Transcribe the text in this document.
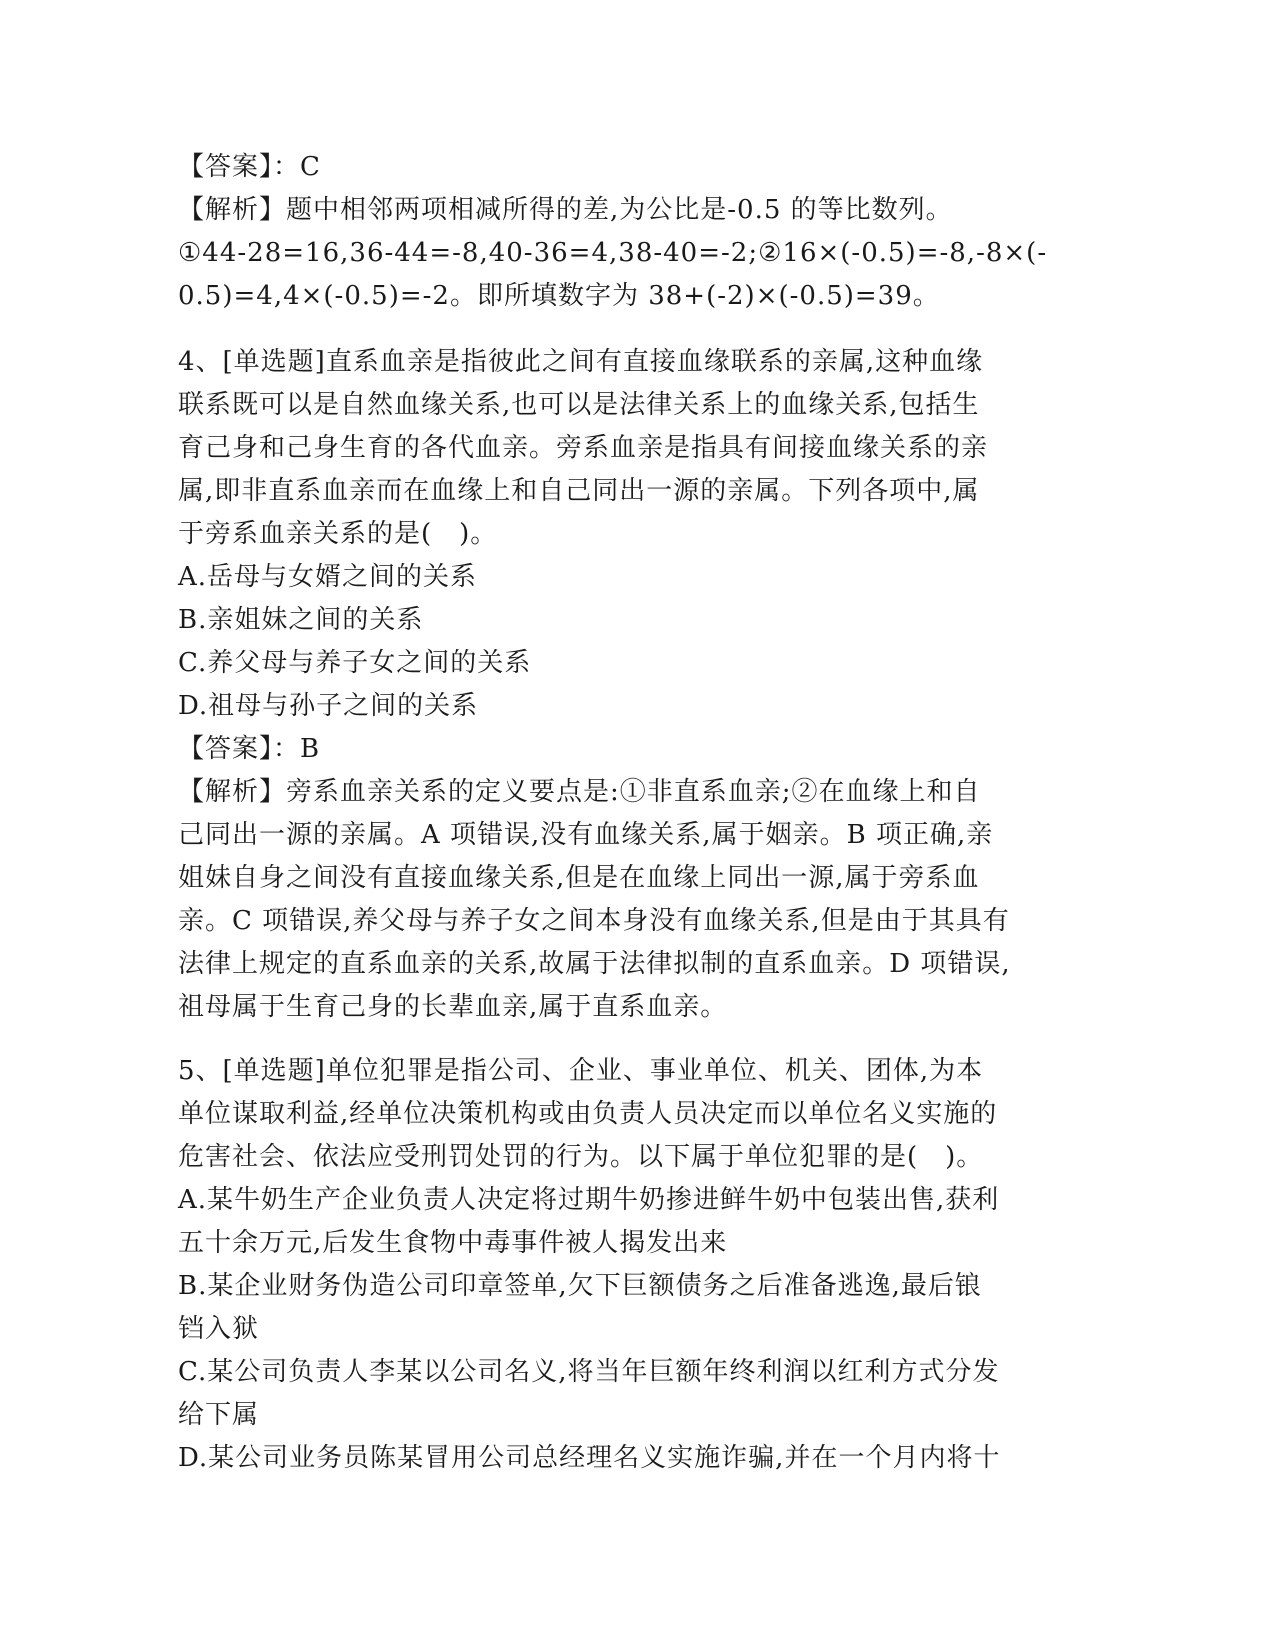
【答案】：C
【解析】题中相邻两项相减所得的差,为公比是-0.5 的等比数列。
①44-28=16,36-44=-8,40-36=4,38-40=-2;②16×(-0.5)=-8,-8×(-
0.5)=4,4×(-0.5)=-2。即所填数字为 38+(-2)×(-0.5)=39。
4、[单选题]直系血亲是指彼此之间有直接血缘联系的亲属,这种血缘
联系既可以是自然血缘关系,也可以是法律关系上的血缘关系,包括生
育己身和己身生育的各代血亲。旁系血亲是指具有间接血缘关系的亲
属,即非直系血亲而在血缘上和自己同出一源的亲属。下列各项中,属
于旁系血亲关系的是(　)。
A.岳母与女婿之间的关系
B.亲姐妹之间的关系
C.养父母与养子女之间的关系
D.祖母与孙子之间的关系
【答案】：B
【解析】旁系血亲关系的定义要点是:①非直系血亲;②在血缘上和自
己同出一源的亲属。A 项错误,没有血缘关系,属于姻亲。B 项正确,亲
姐妹自身之间没有直接血缘关系,但是在血缘上同出一源,属于旁系血
亲。C 项错误,养父母与养子女之间本身没有血缘关系,但是由于其具有
法律上规定的直系血亲的关系,故属于法律拟制的直系血亲。D 项错误,
祖母属于生育己身的长辈血亲,属于直系血亲。
5、[单选题]单位犯罪是指公司、企业、事业单位、机关、团体,为本
单位谋取利益,经单位决策机构或由负责人员决定而以单位名义实施的
危害社会、依法应受刑罚处罚的行为。以下属于单位犯罪的是(　)。
A.某牛奶生产企业负责人决定将过期牛奶掺进鲜牛奶中包装出售,获利
五十余万元,后发生食物中毒事件被人揭发出来
B.某企业财务伪造公司印章签单,欠下巨额债务之后准备逃逸,最后锒
铛入狱
C.某公司负责人李某以公司名义,将当年巨额年终利润以红利方式分发
给下属
D.某公司业务员陈某冒用公司总经理名义实施诈骗,并在一个月内将十
